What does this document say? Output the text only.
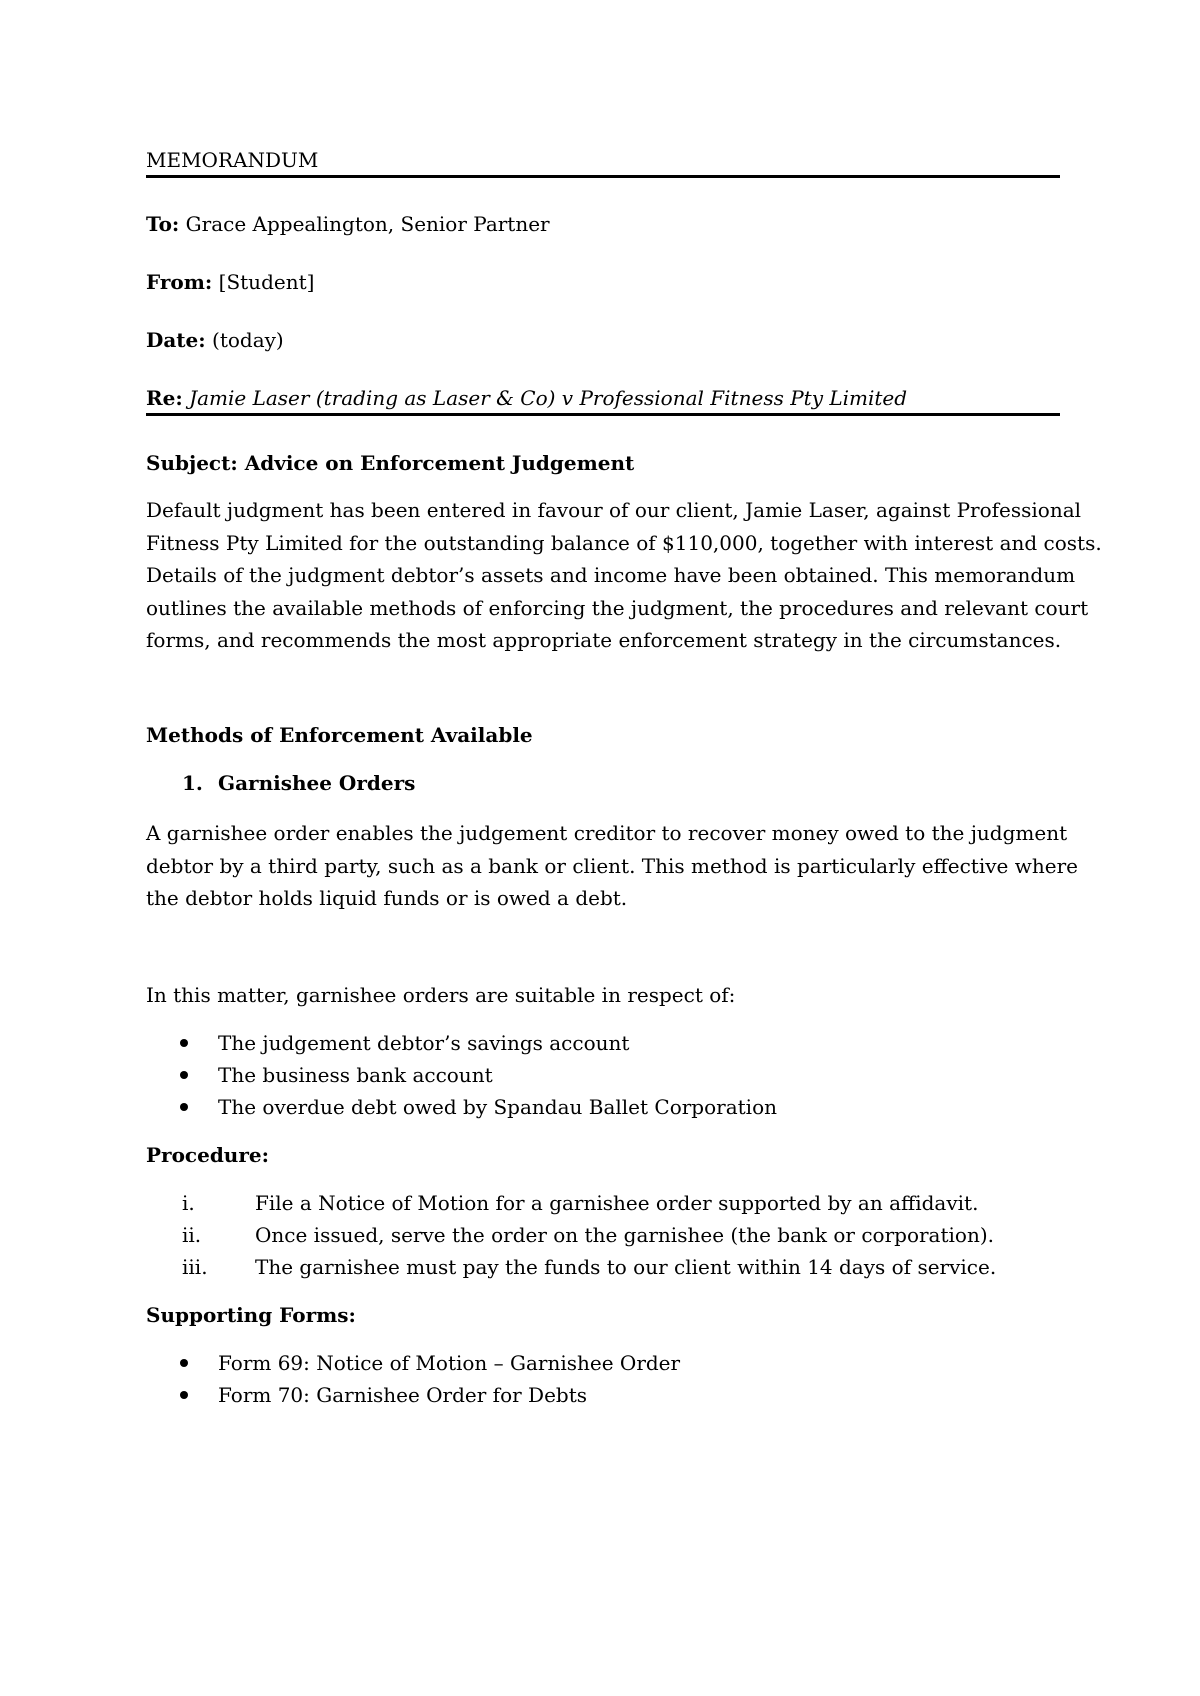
MEMORANDUM
To: Grace Appealington, Senior Partner
From: [Student]
Date: (today)
Re: Jamie Laser (trading as Laser & Co) v Professional Fitness Pty Limited
Subject: Advice on Enforcement Judgement
Default judgment has been entered in favour of our client, Jamie Laser, against Professional
Fitness Pty Limited for the outstanding balance of $110,000, together with interest and costs.
Details of the judgment debtor’s assets and income have been obtained. This memorandum
outlines the available methods of enforcing the judgment, the procedures and relevant court
forms, and recommends the most appropriate enforcement strategy in the circumstances.
Methods of Enforcement Available
1. Garnishee Orders
A garnishee order enables the judgement creditor to recover money owed to the judgment
debtor by a third party, such as a bank or client. This method is particularly effective where
the debtor holds liquid funds or is owed a debt.
In this matter, garnishee orders are suitable in respect of:
The judgement debtor’s savings account
The business bank account
The overdue debt owed by Spandau Ballet Corporation
Procedure:
i.	File a Notice of Motion for a garnishee order supported by an affidavit.
ii.	Once issued, serve the order on the garnishee (the bank or corporation).
iii. The garnishee must pay the funds to our client within 14 days of service.
Supporting Forms:
Form 69: Notice of Motion – Garnishee Order
Form 70: Garnishee Order for Debts
